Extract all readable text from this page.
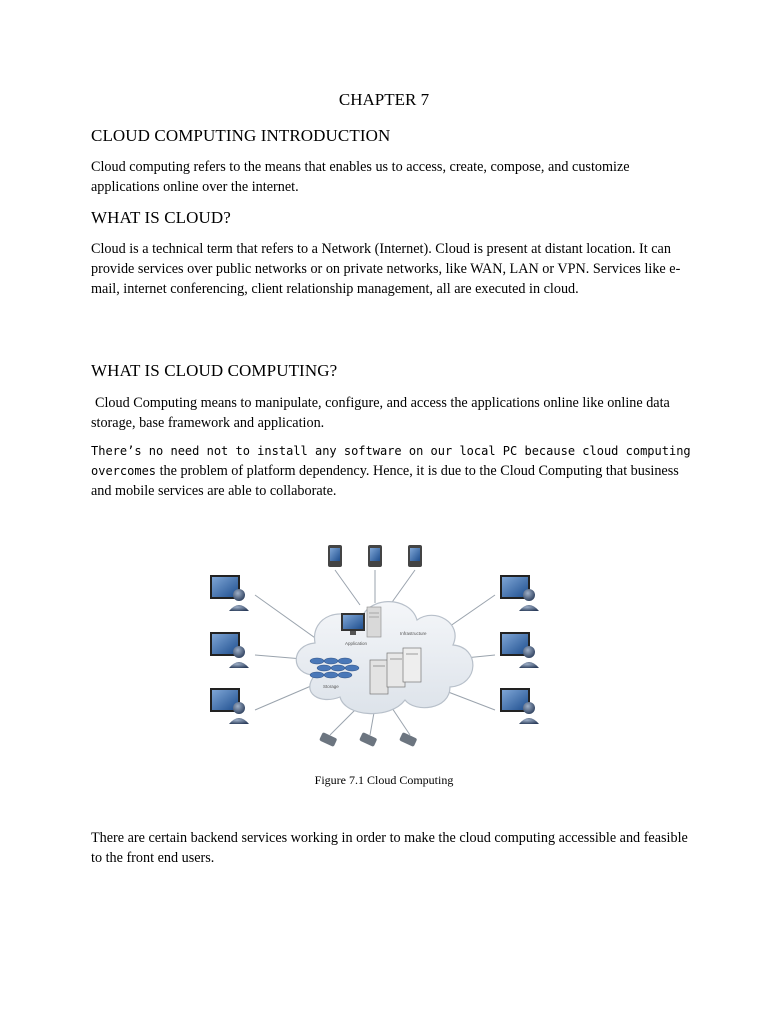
CHAPTER 7
CLOUD COMPUTING INTRODUCTION
Cloud computing refers to the means that enables us to access, create, compose, and customize applications online over the internet.
WHAT IS CLOUD?
Cloud is a technical term that refers to a Network (Internet). Cloud is present at distant location. It can provide services over public networks or on private networks, like WAN, LAN or VPN. Services like e-mail, internet conferencing, client relationship management, all are executed in cloud.
WHAT IS CLOUD COMPUTING?
Cloud Computing means to manipulate, configure, and access the applications online like online data storage, base framework and application.
There’s no need not to install any software on our local PC because cloud computing overcomes the problem of platform dependency. Hence, it is due to the Cloud Computing that business and mobile services are able to collaborate.
Application
Infrastructure
Storage
Figure 7.1 Cloud Computing
There are certain backend services working in order to make the cloud computing accessible and feasible to the front end users.
